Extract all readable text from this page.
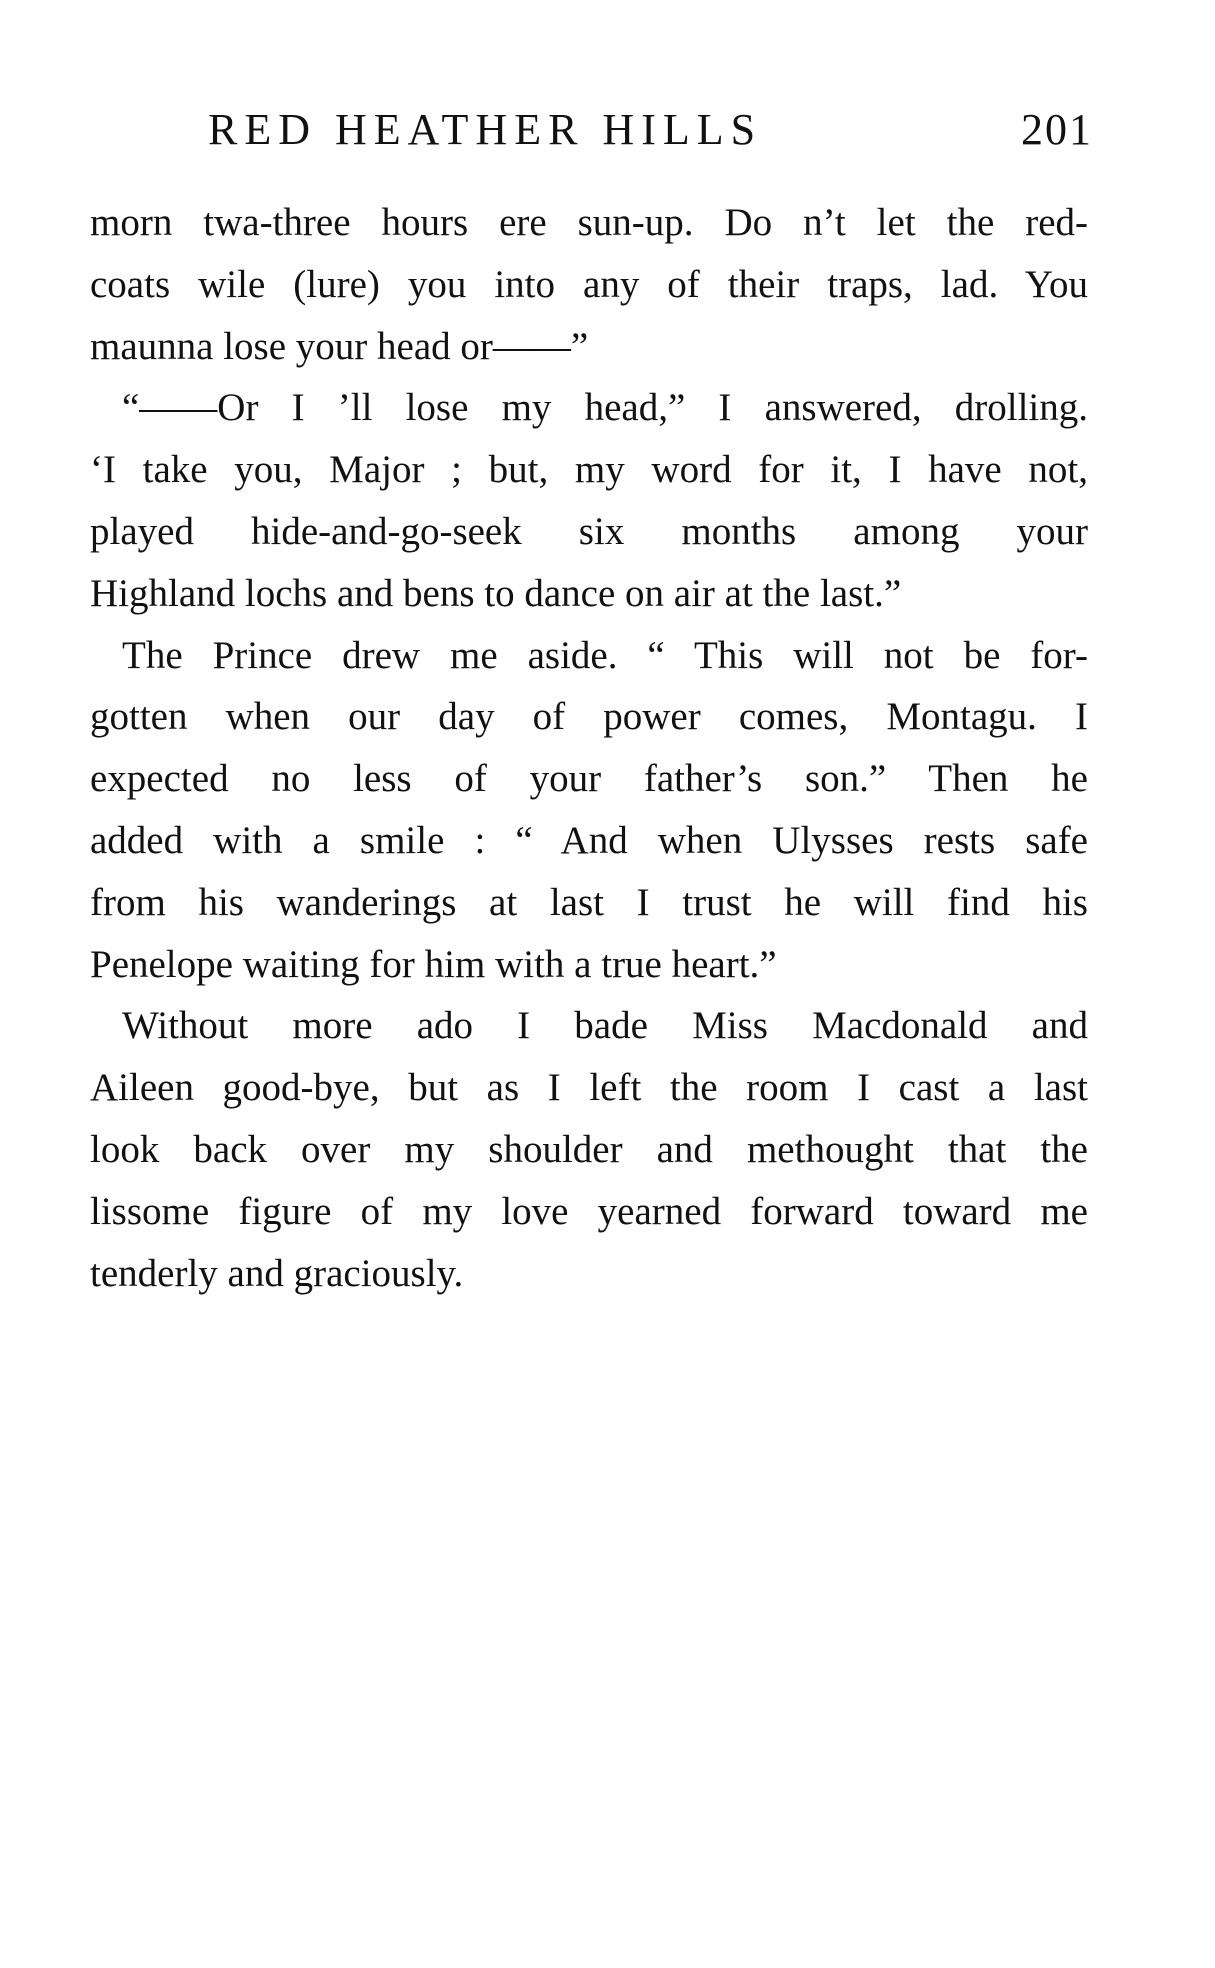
RED HEATHER HILLS	201
morn twa-three hours ere sun-up. Do n’t let the red-
coats wile (lure) you into any of their traps, lad. You
maunna lose your head or——”
“——Or I ’ll lose my head,” I answered, drolling.
‘I take you, Major ; but, my word for it, I have not,
played hide-and-go-seek six months among your
Highland lochs and bens to dance on air at the last.”
The Prince drew me aside. “ This will not be for-
gotten when our day of power comes, Montagu. I
expected no less of your father’s son.” Then he
added with a smile : “ And when Ulysses rests safe
from his wanderings at last I trust he will find his
Penelope waiting for him with a true heart.”
Without more ado I bade Miss Macdonald and
Aileen good-bye, but as I left the room I cast a last
look back over my shoulder and methought that the
lissome figure of my love yearned forward toward me
tenderly and graciously.
